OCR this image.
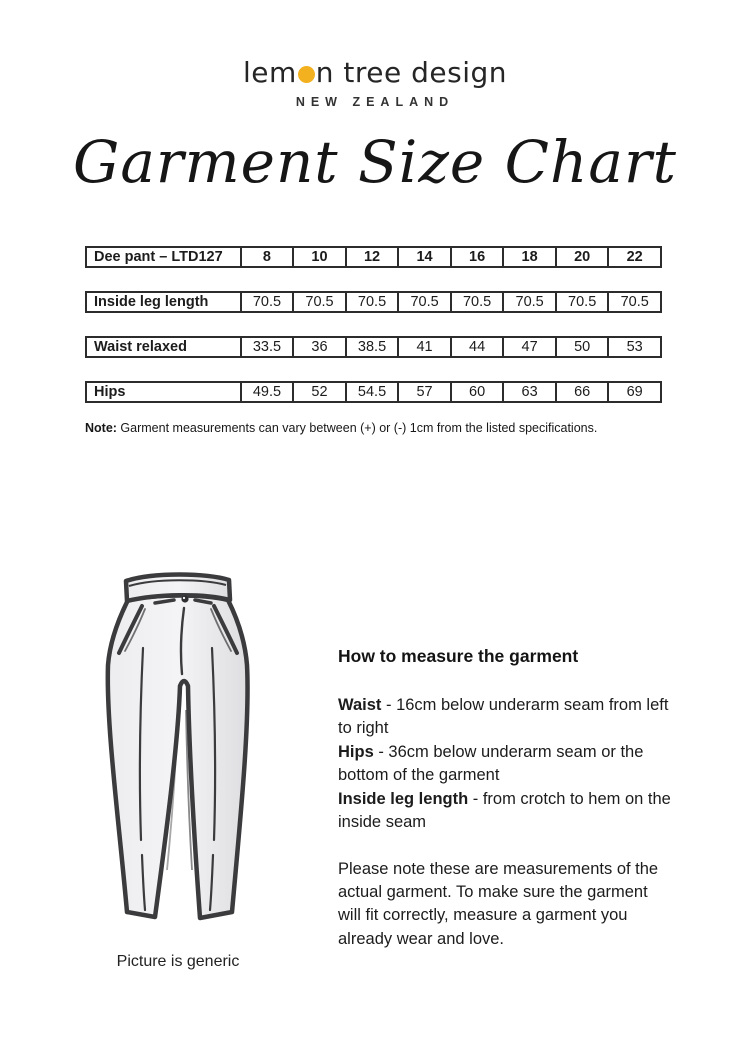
lem n tree design
NEW ZEALAND
Garment Size Chart
Dee pant – LTD127	8	10	12	14	16	18	20	22
Inside leg length	70.5	70.5	70.5	70.5	70.5	70.5	70.5	70.5
Waist relaxed	33.5	36	38.5	41	44	47	50	53
Hips	49.5	52	54.5	57	60	63	66	69
Note: Garment measurements can vary between (+) or (-) 1cm from the listed specifications.
Picture is generic
How to measure the garment
Waist - 16cm below underarm seam from left to right
Hips - 36cm below underarm seam or the bottom of the garment
Inside leg length - from crotch to hem on the inside seam
Please note these are measurements of the actual garment. To make sure the garment will fit correctly, measure a garment you already wear and love.
